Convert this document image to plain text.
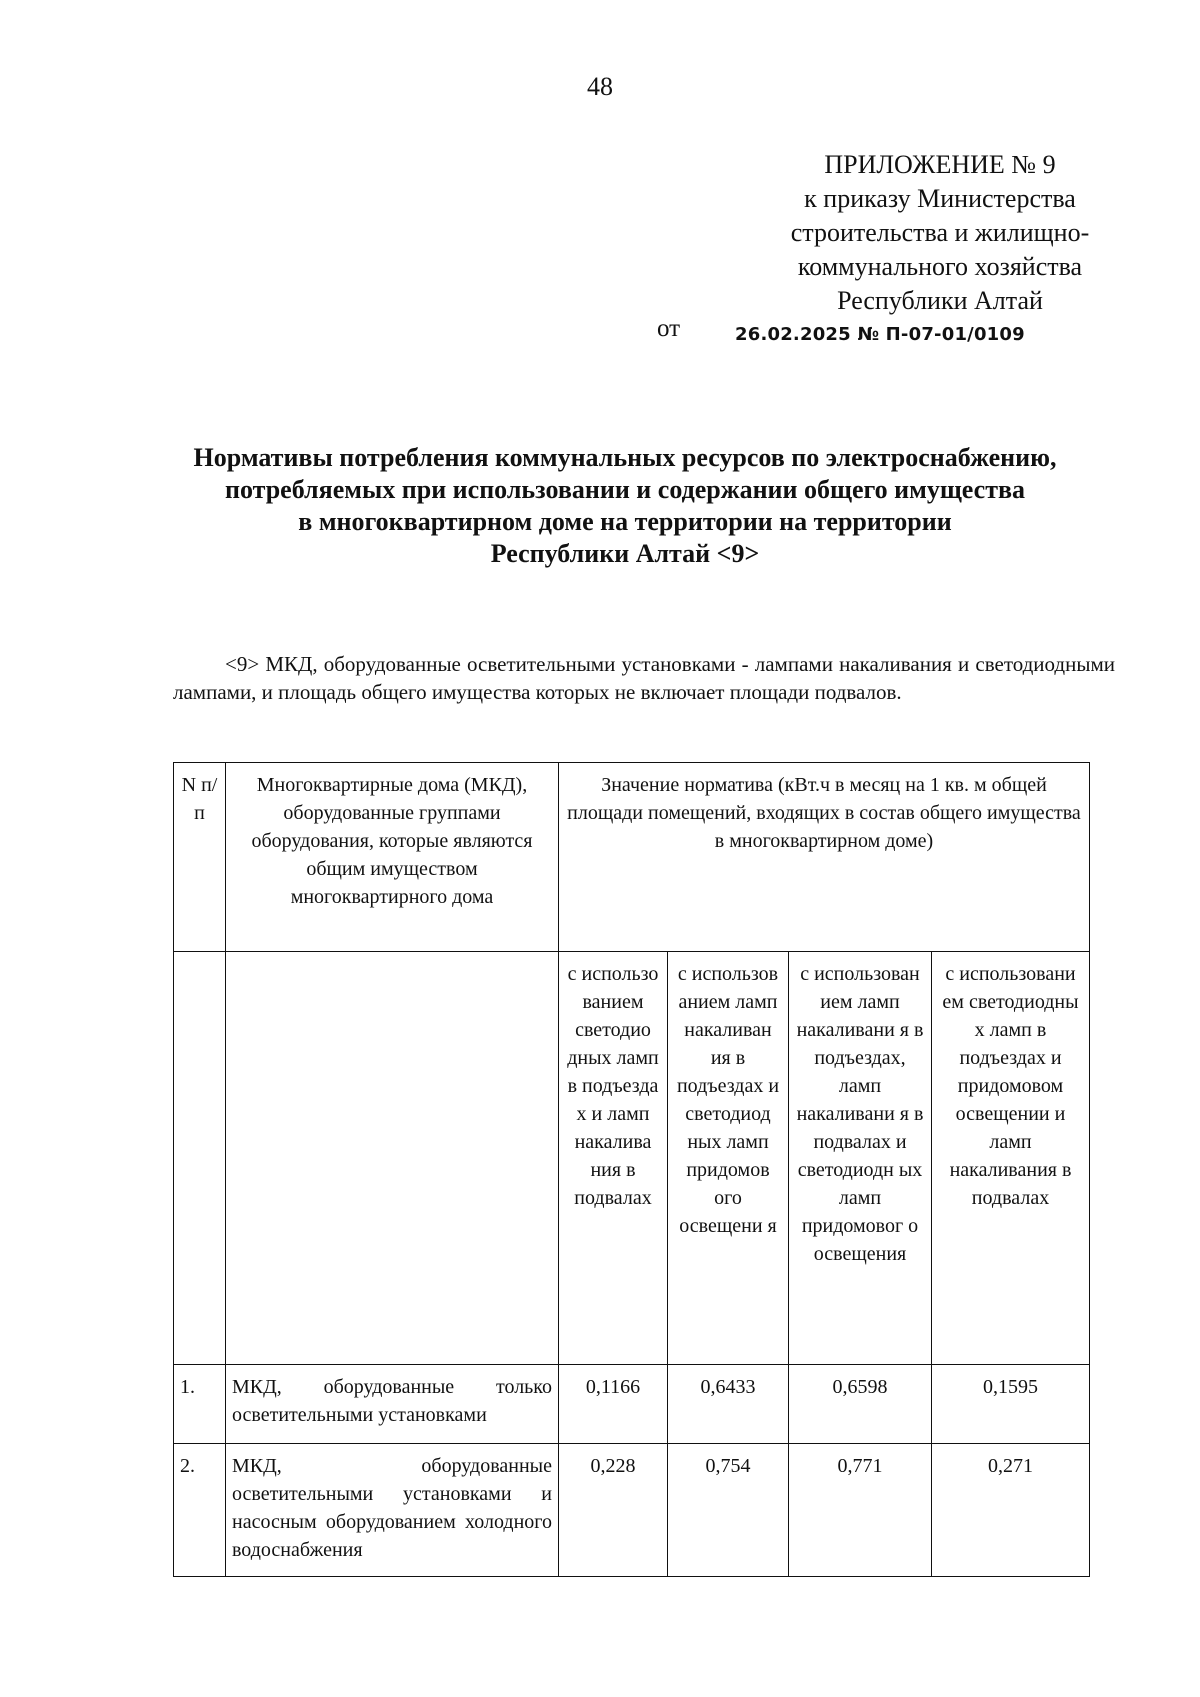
48
ПРИЛОЖЕНИЕ № 9
к приказу Министерства
строительства и жилищно-
коммунального хозяйства
Республики Алтай
от	26.02.2025 № П-07-01/0109
Нормативы потребления коммунальных ресурсов по электроснабжению,
потребляемых при использовании и содержании общего имущества
в многоквартирном доме на территории на территории
Республики Алтай <9>

<9> МКД, оборудованные осветительными установками - лампами накаливания и светодиодными лампами, и площадь общего имущества которых не включает площади подвалов.

N п/п	Многоквартирные дома (МКД), оборудованные группами оборудования, которые являются общим имуществом многоквартирного дома	Значение норматива (кВт.ч в месяц на 1 кв. м общей площади помещений, входящих в состав общего имущества в многоквартирном доме)			
		с использо ванием светодио дных ламп в подъезда х и ламп накалива ния в подвалах	с использов анием ламп накаливан ия в подъездах и светодиод ных ламп придомов ого освещени я	с использован ием ламп накаливани я в подъездах, ламп накаливани я в подвалах и светодиодн ых ламп придомовог о освещения	с использовани ем светодиодны х ламп в подъездах и придомовом освещении и ламп накаливания в подвалах
1.	МКД, оборудованные только осветительными установками	0,1166	0,6433	0,6598	0,1595
2.	МКД, оборудованные осветительными установками и насосным оборудованием холодного водоснабжения	0,228	0,754	0,771	0,271
